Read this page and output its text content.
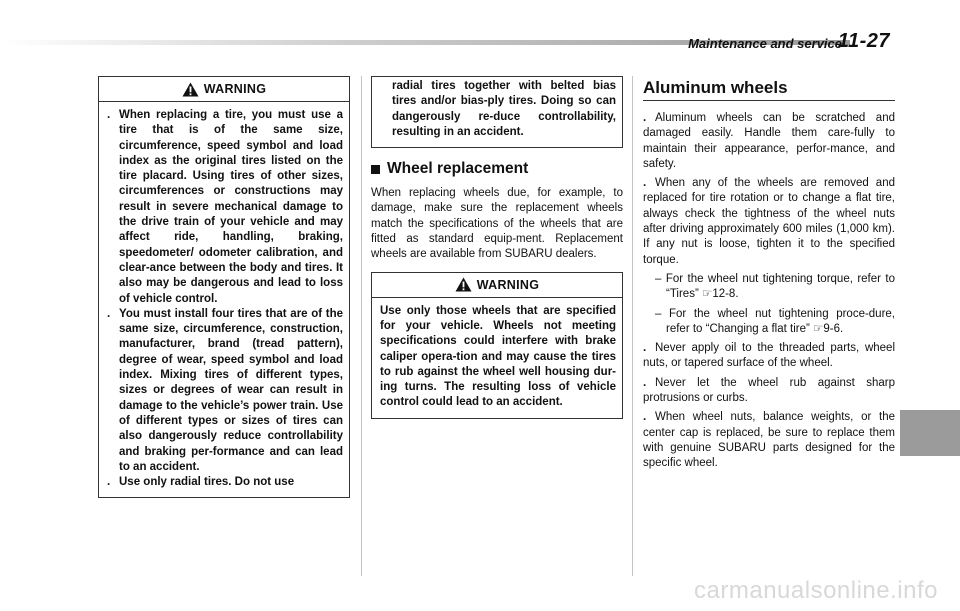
Maintenance and service
11-27
WARNING

. When replacing a tire, you must use a tire that is of the same size, circumference, speed symbol and load index as the original tires listed on the tire placard. Using tires of other sizes, circumferences or constructions may result in severe mechanical damage to the drive train of your vehicle and may affect ride, handling, braking, speedometer/ odometer calibration, and clear-ance between the body and tires. It also may be dangerous and lead to loss of vehicle control.

. You must install four tires that are of the same size, circumference, construction, manufacturer, brand (tread pattern), degree of wear, speed symbol and load index. Mixing tires of different types, sizes or degrees of wear can result in damage to the vehicle’s power train. Use of different types or sizes of tires can also dangerously reduce controllability and braking per-formance and can lead to an accident.

. Use only radial tires. Do not use

radial tires together with belted bias tires and/or bias-ply tires. Doing so can dangerously re-duce controllability, resulting in an accident.
Wheel replacement

When replacing wheels due, for example, to damage, make sure the replacement wheels match the specifications of the wheels that are fitted as standard equip-ment. Replacement wheels are available from SUBARU dealers.

WARNING
Use only those wheels that are specified for your vehicle. Wheels not meeting specifications could interfere with brake caliper opera-tion and may cause the tires to rub against the wheel well housing dur-ing turns. The resulting loss of vehicle control could lead to an accident.
Aluminum wheels

. Aluminum wheels can be scratched and damaged easily. Handle them care-fully to maintain their appearance, perfor-mance, and safety.

. When any of the wheels are removed and replaced for tire rotation or to change a flat tire, always check the tightness of the wheel nuts after driving approximately 600 miles (1,000 km). If any nut is loose, tighten it to the specified torque.

– For the wheel nut tightening torque, refer to “Tires” ☞12-8.

– For the wheel nut tightening proce-dure, refer to “Changing a flat tire” ☞9-6.

. Never apply oil to the threaded parts, wheel nuts, or tapered surface of the wheel.

. Never let the wheel rub against sharp protrusions or curbs.

. When wheel nuts, balance weights, or the center cap is replaced, be sure to replace them with genuine SUBARU parts designed for the specific wheel.

carmanualsonline.info
